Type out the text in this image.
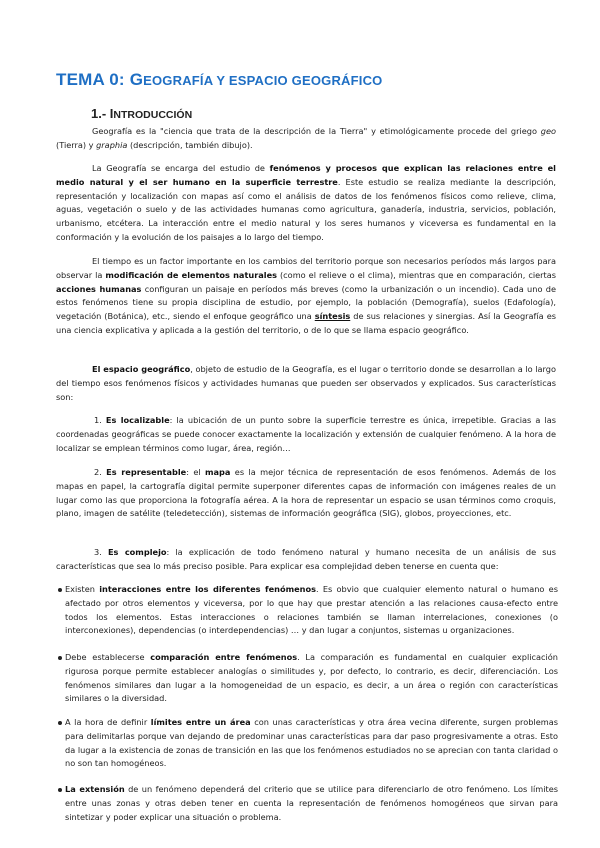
TEMA 0: GEOGRAFÍA Y ESPACIO GEOGRÁFICO
1.- INTRODUCCIÓN

Geografía es la "ciencia que trata de la descripción de la Tierra" y etimológicamente procede del griego geo (Tierra) y graphia (descripción, también dibujo).

La Geografía se encarga del estudio de fenómenos y procesos que explican las relaciones entre el medio natural y el ser humano en la superficie terrestre. Este estudio se realiza mediante la descripción, representación y localización con mapas así como el análisis de datos de los fenómenos físicos como relieve, clima, aguas, vegetación o suelo y de las actividades humanas como agricultura, ganadería, industria, servicios, población, urbanismo, etcétera. La interacción entre el medio natural y los seres humanos y viceversa es fundamental en la conformación y la evolución de los paisajes a lo largo del tiempo.

El tiempo es un factor importante en los cambios del territorio porque son necesarios períodos más largos para observar la modificación de elementos naturales (como el relieve o el clima), mientras que en comparación, ciertas acciones humanas configuran un paisaje en períodos más breves (como la urbanización o un incendio). Cada uno de estos fenómenos tiene su propia disciplina de estudio, por ejemplo, la población (Demografía), suelos (Edafología), vegetación (Botánica), etc., siendo el enfoque geográfico una síntesis de sus relaciones y sinergias. Así la Geografía es una ciencia explicativa y aplicada a la gestión del territorio, o de lo que se llama espacio geográfico.

El espacio geográfico, objeto de estudio de la Geografía, es el lugar o territorio donde se desarrollan a lo largo del tiempo esos fenómenos físicos y actividades humanas que pueden ser observados y explicados. Sus características son:

1. Es localizable: la ubicación de un punto sobre la superficie terrestre es única, irrepetible. Gracias a las coordenadas geográficas se puede conocer exactamente la localización y extensión de cualquier fenómeno. A la hora de localizar se emplean términos como lugar, área, región…

2. Es representable: el mapa es la mejor técnica de representación de esos fenómenos. Además de los mapas en papel, la cartografía digital permite superponer diferentes capas de información con imágenes reales de un lugar como las que proporciona la fotografía aérea. A la hora de representar un espacio se usan términos como croquis, plano, imagen de satélite (teledetección), sistemas de información geográfica (SIG), globos, proyecciones, etc.

3. Es complejo: la explicación de todo fenómeno natural y humano necesita de un análisis de sus características que sea lo más preciso posible. Para explicar esa complejidad deben tenerse en cuenta que:

Existen interacciones entre los diferentes fenómenos. Es obvio que cualquier elemento natural o humano es afectado por otros elementos y viceversa, por lo que hay que prestar atención a las relaciones causa-efecto entre todos los elementos. Estas interacciones o relaciones también se llaman interrelaciones, conexiones (o interconexiones), dependencias (o interdependencias) … y dan lugar a conjuntos, sistemas u organizaciones.

Debe establecerse comparación entre fenómenos. La comparación es fundamental en cualquier explicación rigurosa porque permite establecer analogías o similitudes y, por defecto, lo contrario, es decir, diferenciación. Los fenómenos similares dan lugar a la homogeneidad de un espacio, es decir, a un área o región con características similares o la diversidad.

A la hora de definir límites entre un área con unas características y otra área vecina diferente, surgen problemas para delimitarlas porque van dejando de predominar unas características para dar paso progresivamente a otras. Esto da lugar a la existencia de zonas de transición en las que los fenómenos estudiados no se aprecian con tanta claridad o no son tan homogéneos.

La extensión de un fenómeno dependerá del criterio que se utilice para diferenciarlo de otro fenómeno. Los límites entre unas zonas y otras deben tener en cuenta la representación de fenómenos homogéneos que sirvan para sintetizar y poder explicar una situación o problema.
